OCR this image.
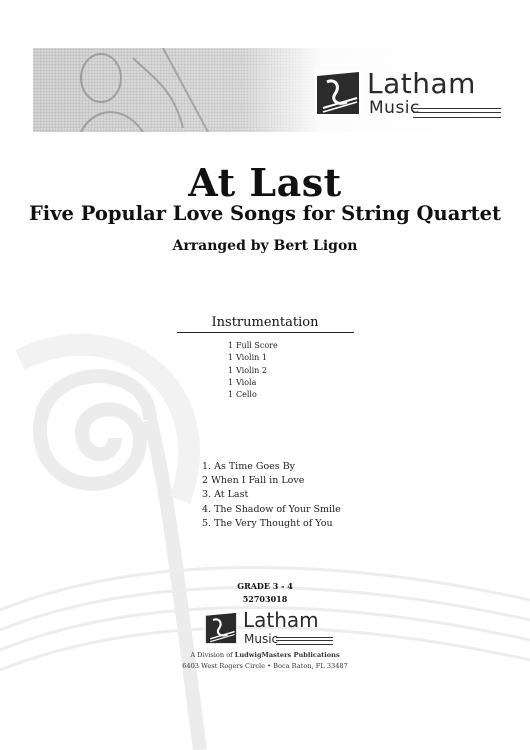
Latham
Music
At Last
Five Popular Love Songs for String Quartet
Arranged by Bert Ligon
Instrumentation
1 Full Score
1 Violin 1
1 Violin 2
1 Viola
1 Cello
1. As Time Goes By
2 When I Fall in Love
3. At Last
4. The Shadow of Your Smile
5. The Very Thought of You
GRADE 3 - 4
52703018
Latham
Music
A Division of LudwigMasters Publications
6403 West Rogers Circle • Boca Raton, FL 33487
